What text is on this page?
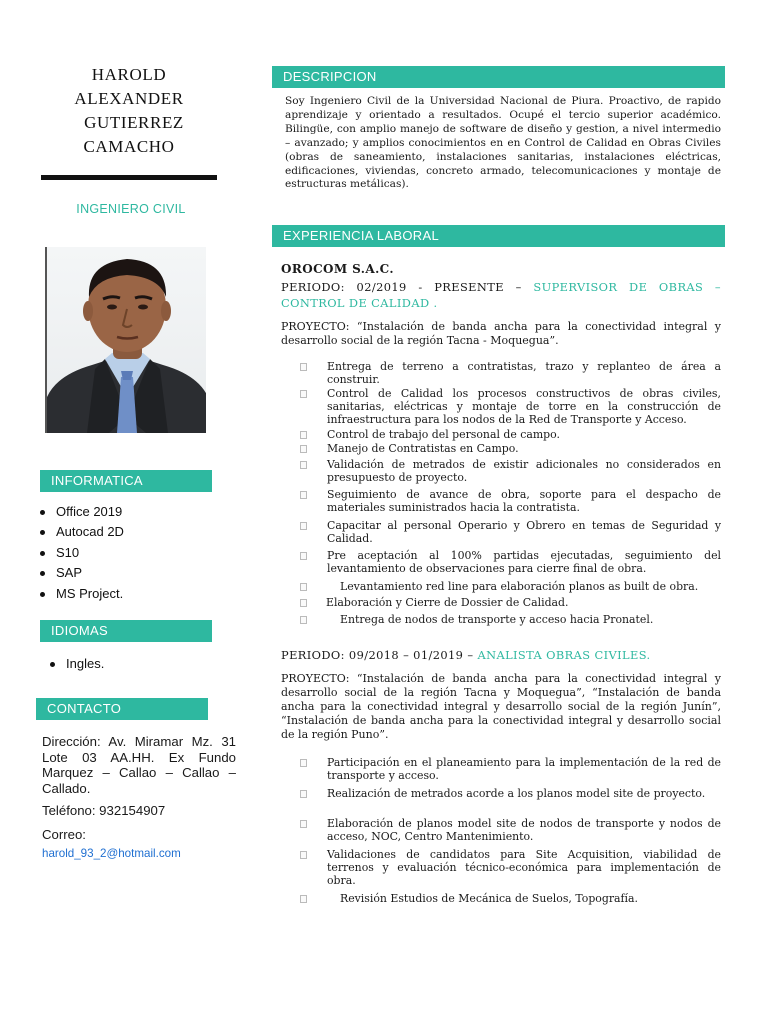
HAROLD
ALEXANDER
GUTIERREZ
CAMACHO
INGENIERO CIVIL
INFORMATICA
Office 2019
Autocad 2D
S10
SAP
MS Project.
IDIOMAS
Ingles.
CONTACTO
Dirección: Av. Miramar Mz. 31 Lote 03 AA.HH. Ex Fundo Marquez – Callao – Callao – Callado.
Teléfono: 932154907
Correo:
harold_93_2@hotmail.com
DESCRIPCION
Soy Ingeniero Civil de la Universidad Nacional de Piura. Proactivo, de rapido aprendizaje y orientado a resultados. Ocupé el tercio superior académico. Bilingüe, con amplio manejo de software de diseño y gestion, a nivel intermedio – avanzado; y amplios conocimientos en en Control de Calidad en Obras Civiles (obras de saneamiento, instalaciones sanitarias, instalaciones eléctricas, edificaciones, viviendas, concreto armado, telecomunicaciones y montaje de estructuras metálicas).
EXPERIENCIA LABORAL
OROCOM S.A.C.
PERIODO: 02/2019 - PRESENTE – SUPERVISOR DE OBRAS – CONTROL DE CALIDAD .
PROYECTO: “Instalación de banda ancha para la conectividad integral y desarrollo social de la región Tacna - Moquegua”.
Entrega de terreno a contratistas, trazo y replanteo de área a construir.
Control de Calidad los procesos constructivos de obras civiles, sanitarias, eléctricas y montaje de torre en la construcción de infraestructura para los nodos de la Red de Transporte y Acceso.
Control de trabajo del personal de campo.
Manejo de Contratistas en Campo.
Validación de metrados de existir adicionales no considerados en presupuesto de proyecto.
Seguimiento de avance de obra, soporte para el despacho de materiales suministrados hacia la contratista.
Capacitar al personal Operario y Obrero en temas de Seguridad y Calidad.
Pre aceptación al 100% partidas ejecutadas, seguimiento del levantamiento de observaciones para cierre final de obra.
Levantamiento red line para elaboración planos as built de obra.
Elaboración y Cierre de Dossier de Calidad.
Entrega de nodos de transporte y acceso hacia Pronatel.
PERIODO: 09/2018 – 01/2019 – ANALISTA OBRAS CIVILES.
PROYECTO: “Instalación de banda ancha para la conectividad integral y desarrollo social de la región Tacna y Moquegua”, “Instalación de banda ancha para la conectividad integral y desarrollo social de la región Junín”, “Instalación de banda ancha para la conectividad integral y desarrollo social de la región Puno”.
Participación en el planeamiento para la implementación de la red de transporte y acceso.
Realización de metrados acorde a los planos model site de proyecto.
Elaboración de planos model site de nodos de transporte y nodos de acceso, NOC, Centro Mantenimiento.
Validaciones de candidatos para Site Acquisition, viabilidad de terrenos y evaluación técnico-económica para implementación de obra.
Revisión Estudios de Mecánica de Suelos, Topografía.
